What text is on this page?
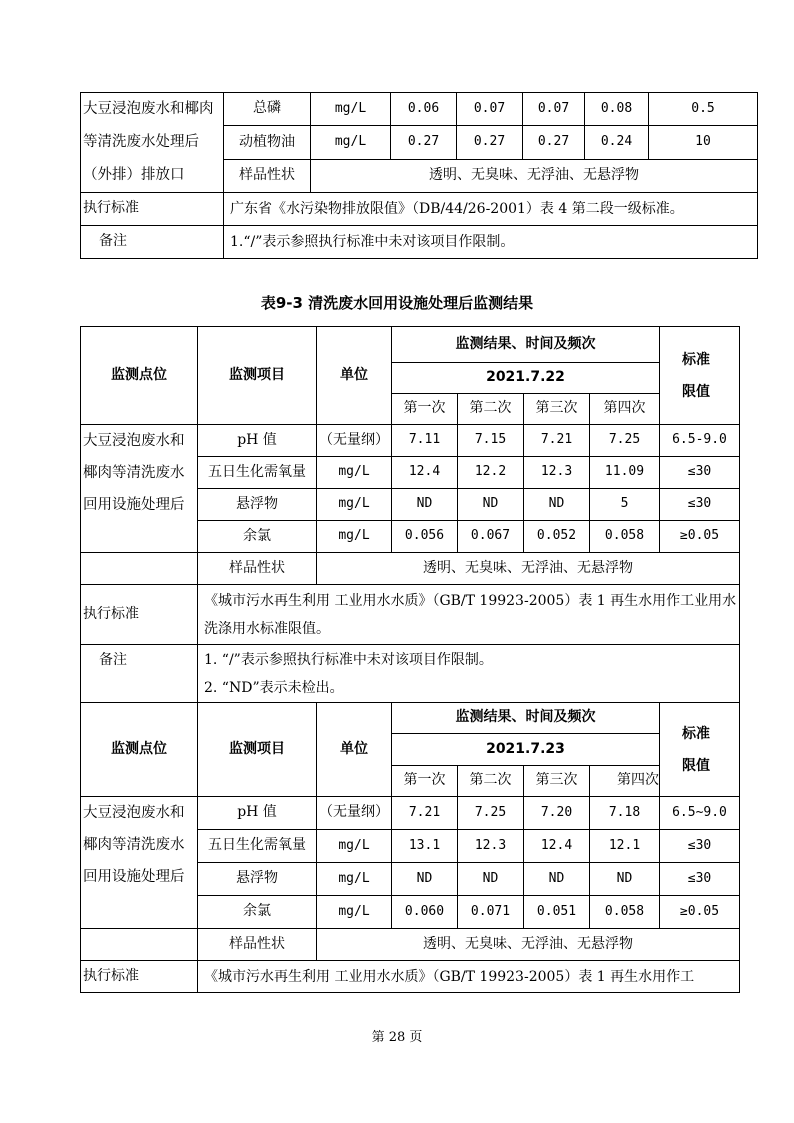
大豆浸泡废水和椰肉等清洗废水处理后（外排）排放口	总磷	mg/L	0.06	0.07	0.07	0.08	0.5
	动植物油	mg/L	0.27	0.27	0.27	0.24	10
	样品性状	透明、无臭味、无浮油、无悬浮物					
执行标准	广东省《水污染物排放限值》（DB/44/26-2001）表 4 第二段一级标准。						
备注	1.“/”表示参照执行标准中未对该项目作限制。						
表9-3 清洗废水回用设施处理后监测结果
监测点位	监测项目	单位	监测结果、时间及频次				标准
限值
			2021.7.22				
			第一次	第二次	第三次	第四次	
大豆浸泡废水和椰肉等清洗废水回用设施处理后	pH 值	（无量纲）	7.11	7.15	7.21	7.25	6.5-9.0
	五日生化需氧量	mg/L	12.4	12.2	12.3	11.09	≤30
	悬浮物	mg/L	ND	ND	ND	5	≤30
	余氯	mg/L	0.056	0.067	0.052	0.058	≥0.05
	样品性状	透明、无臭味、无浮油、无悬浮物					
执行标准	《城市污水再生利用 工业用水水质》（GB/T 19923-2005）表 1 再生水用作工业用水洗涤用水标准限值。						
备注	1. “/”表示参照执行标准中未对该项目作限制。
2. “ND”表示未检出。						

监测点位	监测项目	单位	监测结果、时间及频次				标准
限值
			2021.7.23				
			第一次	第二次	第三次	第四次	
大豆浸泡废水和椰肉等清洗废水回用设施处理后	pH 值	（无量纲）	7.21	7.25	7.20	7.18	6.5~9.0
	五日生化需氧量	mg/L	13.1	12.3	12.4	12.1	≤30
	悬浮物	mg/L	ND	ND	ND	ND	≤30
	余氯	mg/L	0.060	0.071	0.051	0.058	≥0.05
	样品性状	透明、无臭味、无浮油、无悬浮物					
执行标准	《城市污水再生利用 工业用水水质》（GB/T 19923-2005）表 1 再生水用作工						
第 28 页
